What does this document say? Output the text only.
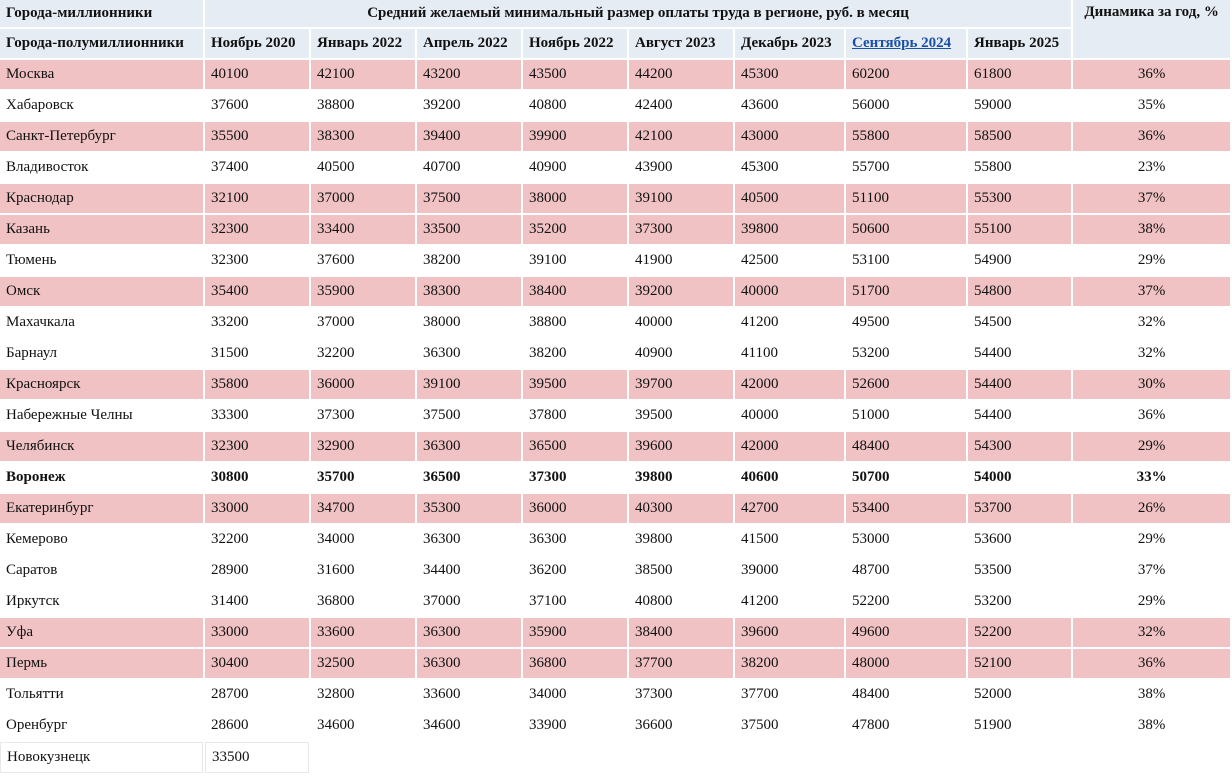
Города-миллионники	Средний желаемый минимальный размер оплаты труда в регионе, руб. в месяц								Динамика за год, %
Города-полумиллионники	Ноябрь 2020	Январь 2022	Апрель 2022	Ноябрь 2022	Август 2023	Декабрь 2023	Сентябрь 2024	Январь 2025	
Москва	40100	42100	43200	43500	44200	45300	60200	61800	36%
Хабаровск	37600	38800	39200	40800	42400	43600	56000	59000	35%
Санкт-Петербург	35500	38300	39400	39900	42100	43000	55800	58500	36%
Владивосток	37400	40500	40700	40900	43900	45300	55700	55800	23%
Краснодар	32100	37000	37500	38000	39100	40500	51100	55300	37%
Казань	32300	33400	33500	35200	37300	39800	50600	55100	38%
Тюмень	32300	37600	38200	39100	41900	42500	53100	54900	29%
Омск	35400	35900	38300	38400	39200	40000	51700	54800	37%
Махачкала	33200	37000	38000	38800	40000	41200	49500	54500	32%
Барнаул	31500	32200	36300	38200	40900	41100	53200	54400	32%
Красноярск	35800	36000	39100	39500	39700	42000	52600	54400	30%
Набережные Челны	33300	37300	37500	37800	39500	40000	51000	54400	36%
Челябинск	32300	32900	36300	36500	39600	42000	48400	54300	29%
Воронеж	30800	35700	36500	37300	39800	40600	50700	54000	33%
Екатеринбург	33000	34700	35300	36000	40300	42700	53400	53700	26%
Кемерово	32200	34000	36300	36300	39800	41500	53000	53600	29%
Саратов	28900	31600	34400	36200	38500	39000	48700	53500	37%
Иркутск	31400	36800	37000	37100	40800	41200	52200	53200	29%
Уфа	33000	33600	36300	35900	38400	39600	49600	52200	32%
Пермь	30400	32500	36300	36800	37700	38200	48000	52100	36%
Тольятти	28700	32800	33600	34000	37300	37700	48400	52000	38%
Оренбург	28600	34600	34600	33900	36600	37500	47800	51900	38%
Новокузнецк	33500								
